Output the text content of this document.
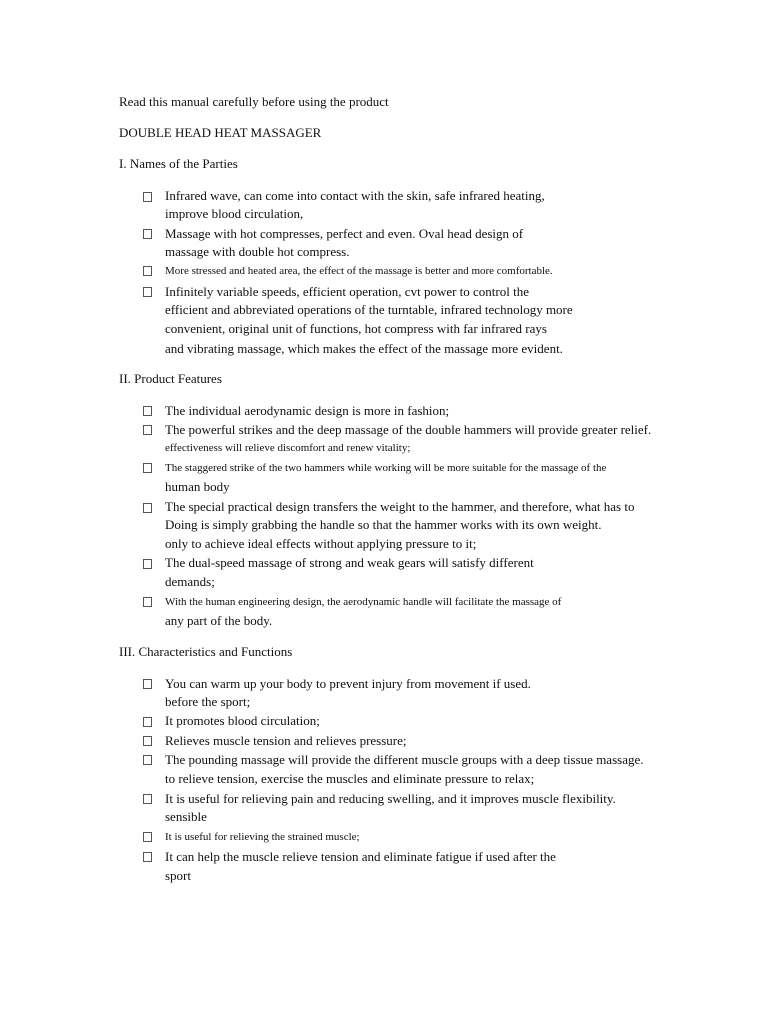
Read this manual carefully before using the product
DOUBLE HEAD HEAT MASSAGER
I. Names of the Parties
Infrared wave, can come into contact with the skin, safe infrared heating,
improve blood circulation,
Massage with hot compresses, perfect and even. Oval head design of
massage with double hot compress.
More stressed and heated area, the effect of the massage is better and more comfortable.
Infinitely variable speeds, efficient operation, cvt power to control the
efficient and abbreviated operations of the turntable, infrared technology more
convenient, original unit of functions, hot compress with far infrared rays
and vibrating massage, which makes the effect of the massage more evident.
II. Product Features
The individual aerodynamic design is more in fashion;
The powerful strikes and the deep massage of the double hammers will provide greater relief.
effectiveness will relieve discomfort and renew vitality;
The staggered strike of the two hammers while working will be more suitable for the massage of the
human body
The special practical design transfers the weight to the hammer, and therefore, what has to
Doing is simply grabbing the handle so that the hammer works with its own weight.
only to achieve ideal effects without applying pressure to it;
The dual-speed massage of strong and weak gears will satisfy different
demands;
With the human engineering design, the aerodynamic handle will facilitate the massage of
any part of the body.
III. Characteristics and Functions
You can warm up your body to prevent injury from movement if used.
before the sport;
It promotes blood circulation;
Relieves muscle tension and relieves pressure;
The pounding massage will provide the different muscle groups with a deep tissue massage.
to relieve tension, exercise the muscles and eliminate pressure to relax;
It is useful for relieving pain and reducing swelling, and it improves muscle flexibility.
sensible
It is useful for relieving the strained muscle;
It can help the muscle relieve tension and eliminate fatigue if used after the
sport
